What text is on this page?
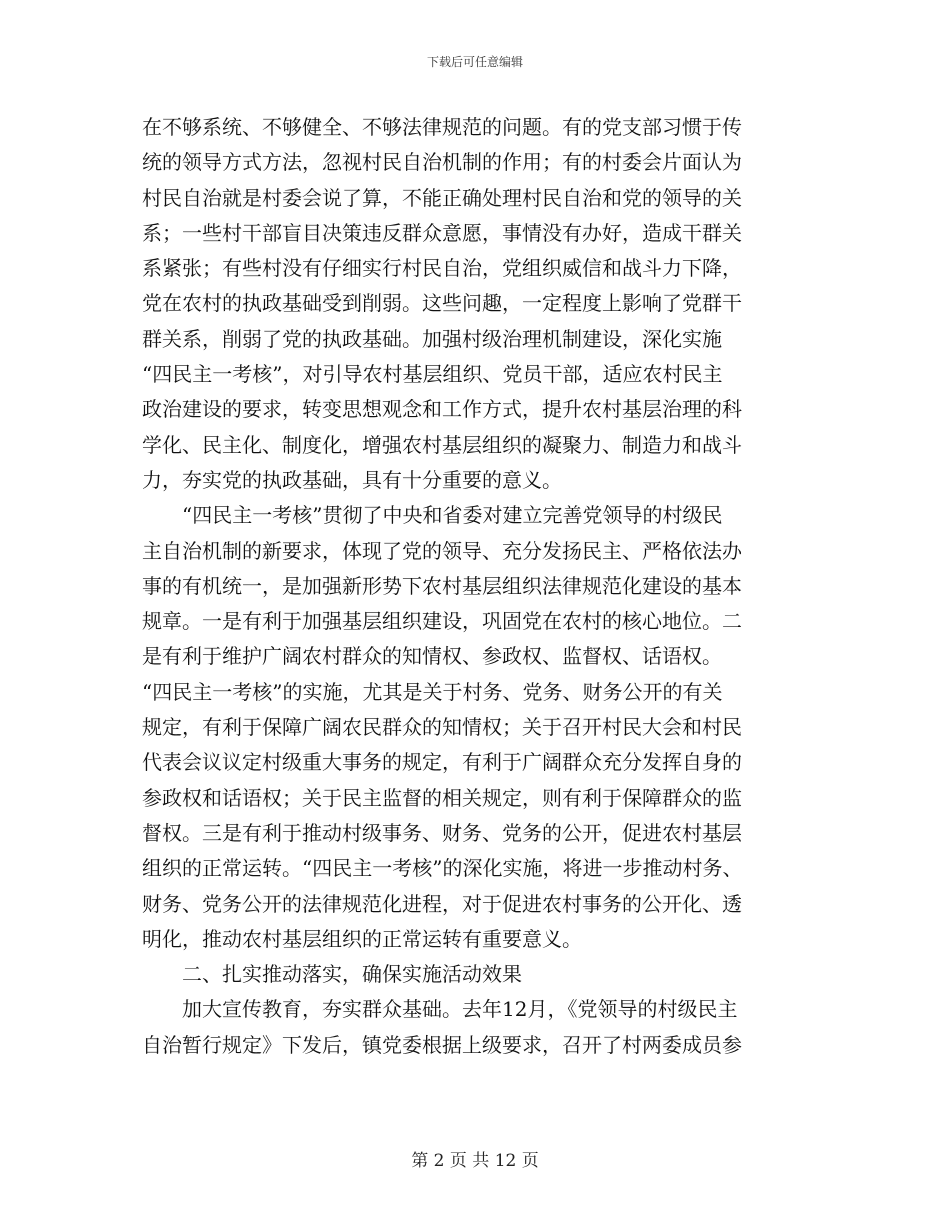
下载后可任意编辑
在不够系统、不够健全、不够法律规范的问题。有的党支部习惯于传
统的领导方式方法，忽视村民自治机制的作用；有的村委会片面认为
村民自治就是村委会说了算，不能正确处理村民自治和党的领导的关
系；一些村干部盲目决策违反群众意愿，事情没有办好，造成干群关
系紧张；有些村没有仔细实行村民自治，党组织威信和战斗力下降，
党在农村的执政基础受到削弱。这些问趣，一定程度上影响了党群干
群关系，削弱了党的执政基础。加强村级治理机制建设，深化实施
“四民主一考核”，对引导农村基层组织、党员干部，适应农村民主
政治建设的要求，转变思想观念和工作方式，提升农村基层治理的科
学化、民主化、制度化，增强农村基层组织的凝聚力、制造力和战斗
力，夯实党的执政基础，具有十分重要的意义。
　　“四民主一考核”贯彻了中央和省委对建立完善党领导的村级民
主自治机制的新要求，体现了党的领导、充分发扬民主、严格依法办
事的有机统一，是加强新形势下农村基层组织法律规范化建设的基本
规章。一是有利于加强基层组织建设，巩固党在农村的核心地位。二
是有利于维护广阔农村群众的知情权、参政权、监督权、话语权。
“四民主一考核”的实施，尤其是关于村务、党务、财务公开的有关
规定，有利于保障广阔农民群众的知情权；关于召开村民大会和村民
代表会议议定村级重大事务的规定，有利于广阔群众充分发挥自身的
参政权和话语权；关于民主监督的相关规定，则有利于保障群众的监
督权。三是有利于推动村级事务、财务、党务的公开，促进农村基层
组织的正常运转。“四民主一考核”的深化实施，将进一步推动村务、
财务、党务公开的法律规范化进程，对于促进农村事务的公开化、透
明化，推动农村基层组织的正常运转有重要意义。
　　二、扎实推动落实，确保实施活动效果
　　加大宣传教育，夯实群众基础。去年12月，《党领导的村级民主
自治暂行规定》下发后，镇党委根据上级要求，召开了村两委成员参
第 2 页 共 12 页
